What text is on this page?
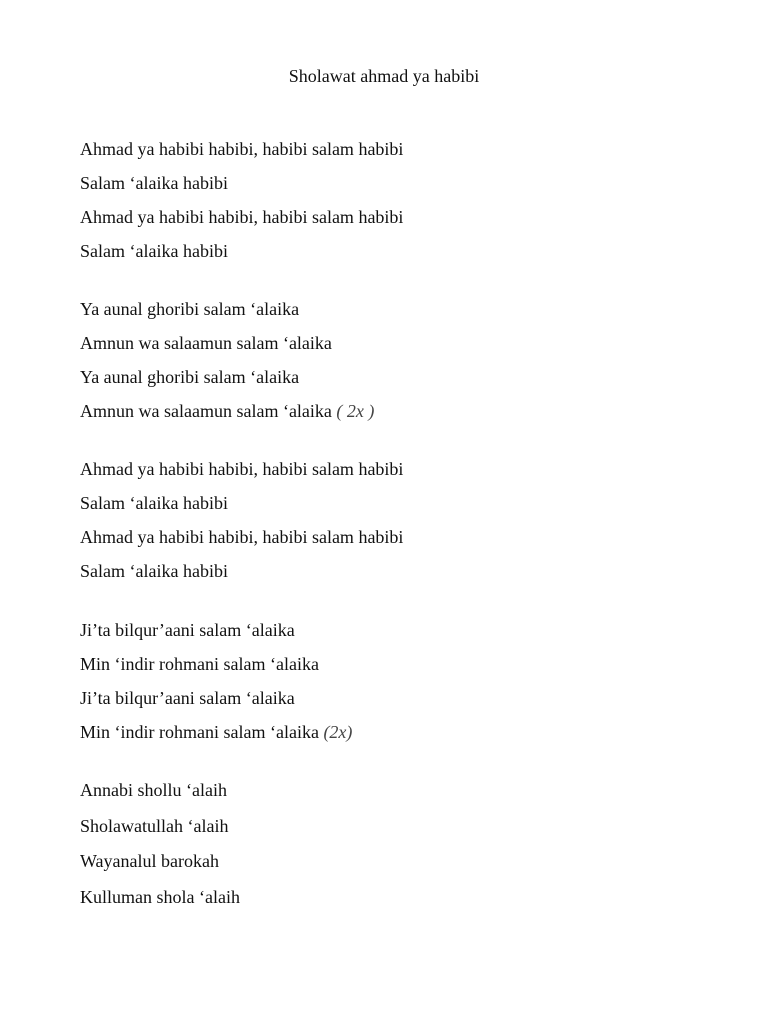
Sholawat ahmad ya habibi
Ahmad ya habibi habibi, habibi salam habibi
Salam ‘alaika habibi
Ahmad ya habibi habibi, habibi salam habibi
Salam ‘alaika habibi
Ya aunal ghoribi salam ‘alaika
Amnun wa salaamun salam ‘alaika
Ya aunal ghoribi salam ‘alaika
Amnun wa salaamun salam ‘alaika ( 2x )
Ahmad ya habibi habibi, habibi salam habibi
Salam ‘alaika habibi
Ahmad ya habibi habibi, habibi salam habibi
Salam ‘alaika habibi
Ji’ta bilqur’aani salam ‘alaika
Min ‘indir rohmani salam ‘alaika
Ji’ta bilqur’aani salam ‘alaika
Min ‘indir rohmani salam ‘alaika (2x)
Annabi shollu ‘alaih
Sholawatullah ‘alaih
Wayanalul barokah
Kulluman shola ‘alaih
